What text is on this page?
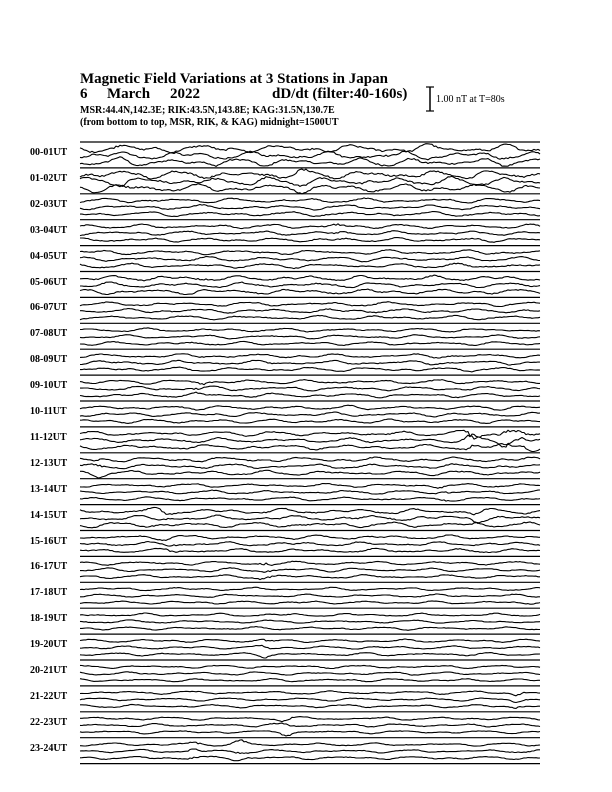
Magnetic Field Variations at 3 Stations in Japan
6 March 2022	dD/dt (filter:40-160s)
MSR:44.4N,142.3E; RIK:43.5N,143.8E; KAG:31.5N,130.7E
(from bottom to top, MSR, RIK, & KAG) midnight=1500UT
1.00 nT at T=80s
00-01UT
01-02UT
02-03UT
03-04UT
04-05UT
05-06UT
06-07UT
07-08UT
08-09UT
09-10UT
10-11UT
11-12UT
12-13UT
13-14UT
14-15UT
15-16UT
16-17UT
17-18UT
18-19UT
19-20UT
20-21UT
21-22UT
22-23UT
23-24UT
